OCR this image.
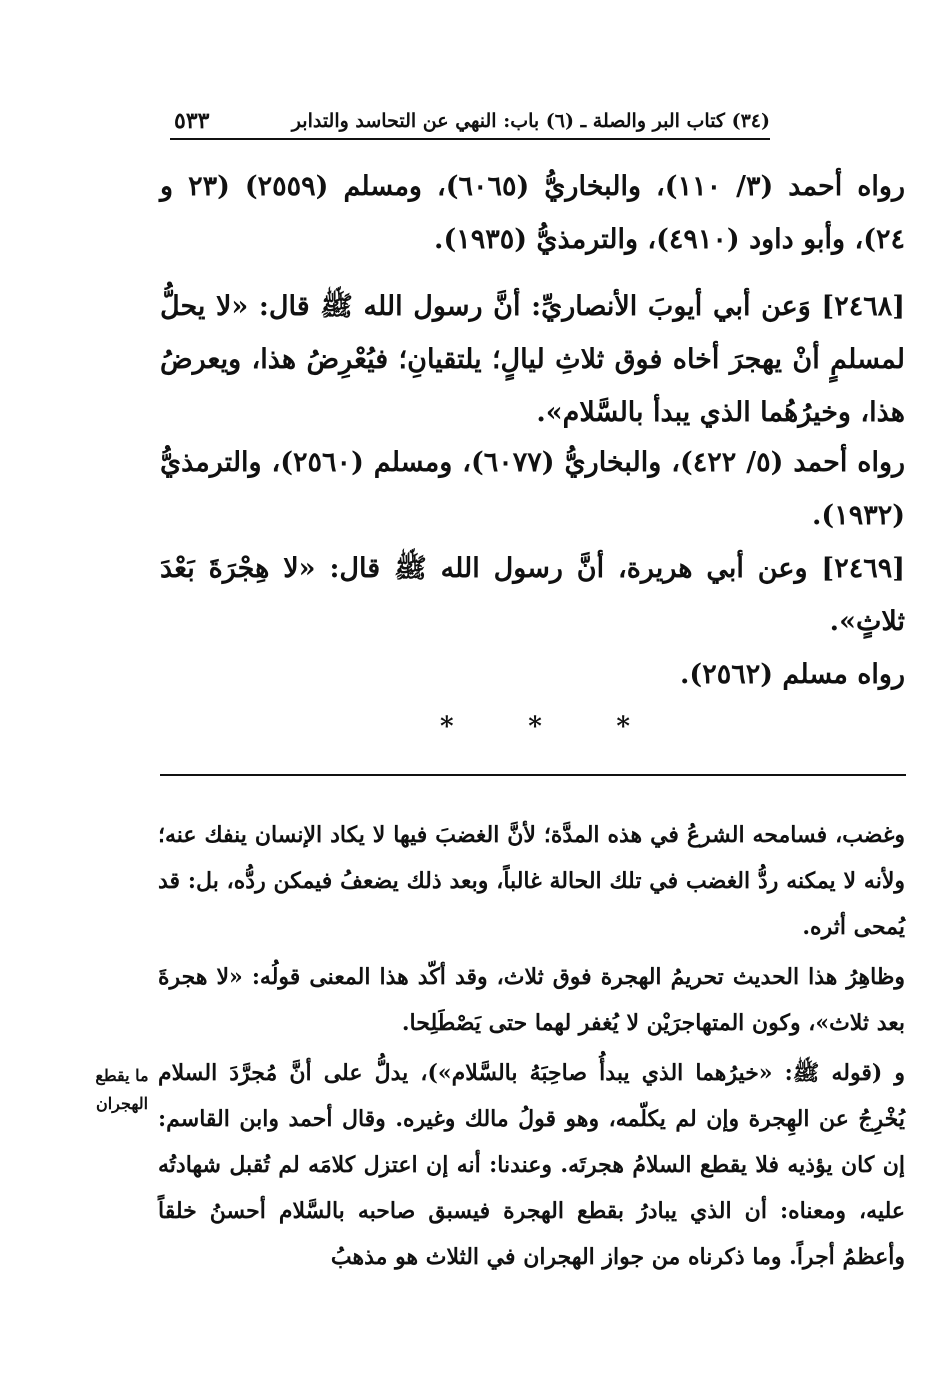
٥٣٣	(٣٤) كتاب البر والصلة ـ (٦) باب: النهي عن التحاسد والتدابر
رواه أحمد (٣/ ١١٠)، والبخاريُّ (٦٠٦٥)، ومسلم (٢٥٥٩) (٢٣ و ٢٤)، وأبو داود (٤٩١٠)، والترمذيُّ (١٩٣٥).
[٢٤٦٨] وَعن أبي أيوبَ الأنصاريِّ: أنَّ رسول الله ﷺ قال: «لا يحلُّ لمسلمٍ أنْ يهجرَ أخاه فوق ثلاثِ ليالٍ؛ يلتقيانِ؛ فيُعْرِضُ هذا، ويعرضُ هذا، وخيرُهُما الذي يبدأ بالسَّلام».
رواه أحمد (٥/ ٤٢٢)، والبخاريُّ (٦٠٧٧)، ومسلم (٢٥٦٠)، والترمذيُّ (١٩٣٢).
[٢٤٦٩] وعن أبي هريرة، أنَّ رسول الله ﷺ قال: «لا هِجْرَةَ بَعْدَ ثلاثٍ».
رواه مسلم (٢٥٦٢).
*	*	*
وغضب، فسامحه الشرعُ في هذه المدَّة؛ لأنَّ الغضبَ فيها لا يكاد الإنسان ينفك عنه؛ ولأنه لا يمكنه ردُّ الغضب في تلك الحالة غالباً، وبعد ذلك يضعفُ فيمكن ردُّه، بل: قد يُمحى أثره.
وظاهِرُ هذا الحديث تحريمُ الهجرة فوق ثلاث، وقد أكّد هذا المعنى قولُه: «لا هجرةَ بعد ثلاث»، وكون المتهاجرَيْن لا يُغفر لهما حتى يَصْطَلِحا.
و (قوله ﷺ: «خيرُهما الذي يبدأُ صاحِبَهُ بالسَّلام»)، يدلُّ على أنَّ مُجرَّدَ السلام يُخْرِجُ عن الهِجرة وإن لم يكلّمه، وهو قولُ مالك وغيره. وقال أحمد وابن القاسم: إن كان يؤذيه فلا يقطع السلامُ هجرتَه. وعندنا: أنه إن اعتزل كلامَه لم تُقبل شهادتُه عليه، ومعناه: أن الذي يبادرُ بقطع الهجرة فيسبق صاحبه بالسَّلام أحسنُ خلقاً وأعظمُ أجراً. وما ذكرناه من جواز الهجران في الثلاث هو مذهبُ
ما يقطع
الهجران
